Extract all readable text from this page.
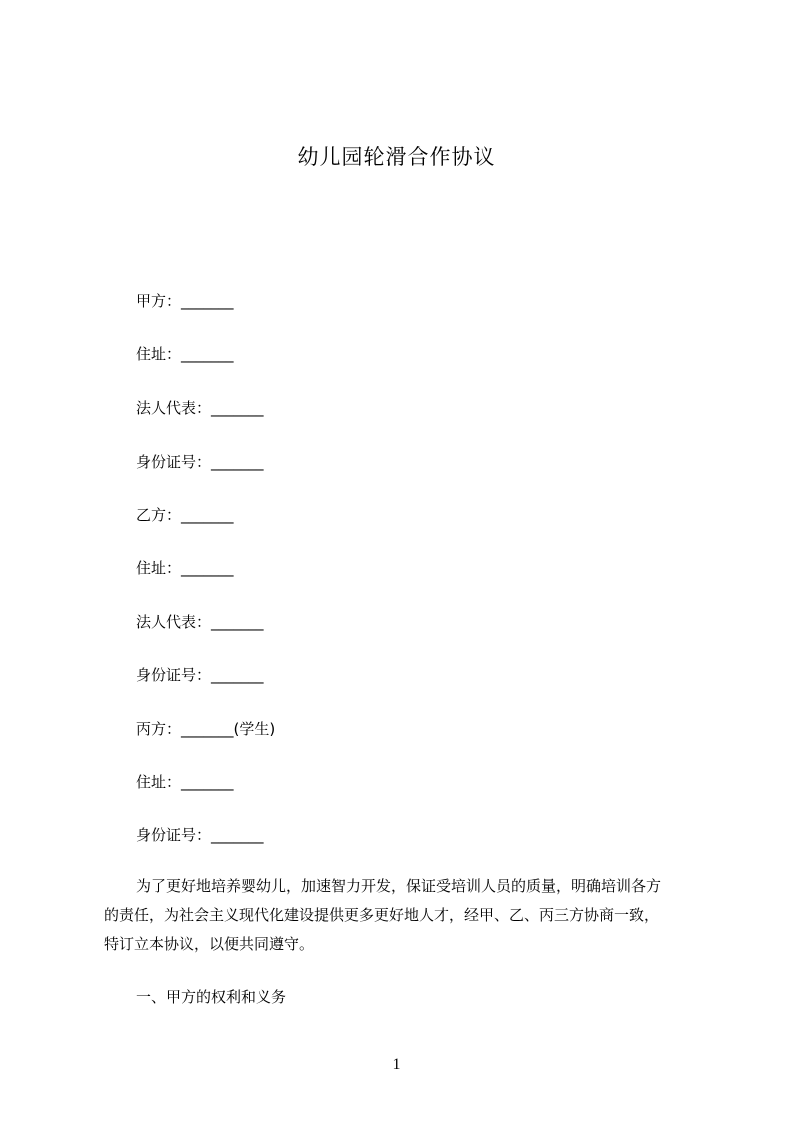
幼儿园轮滑合作协议
甲方：_______
住址：_______
法人代表：_______
身份证号：_______
乙方：_______
住址：_______
法人代表：_______
身份证号：_______
丙方：_______(学生)
住址：_______
身份证号：_______
为了更好地培养婴幼儿，加速智力开发，保证受培训人员的质量，明确培训各方
的责任，为社会主义现代化建设提供更多更好地人才，经甲、乙、丙三方协商一致，
特订立本协议，以便共同遵守。
一、甲方的权利和义务
1
